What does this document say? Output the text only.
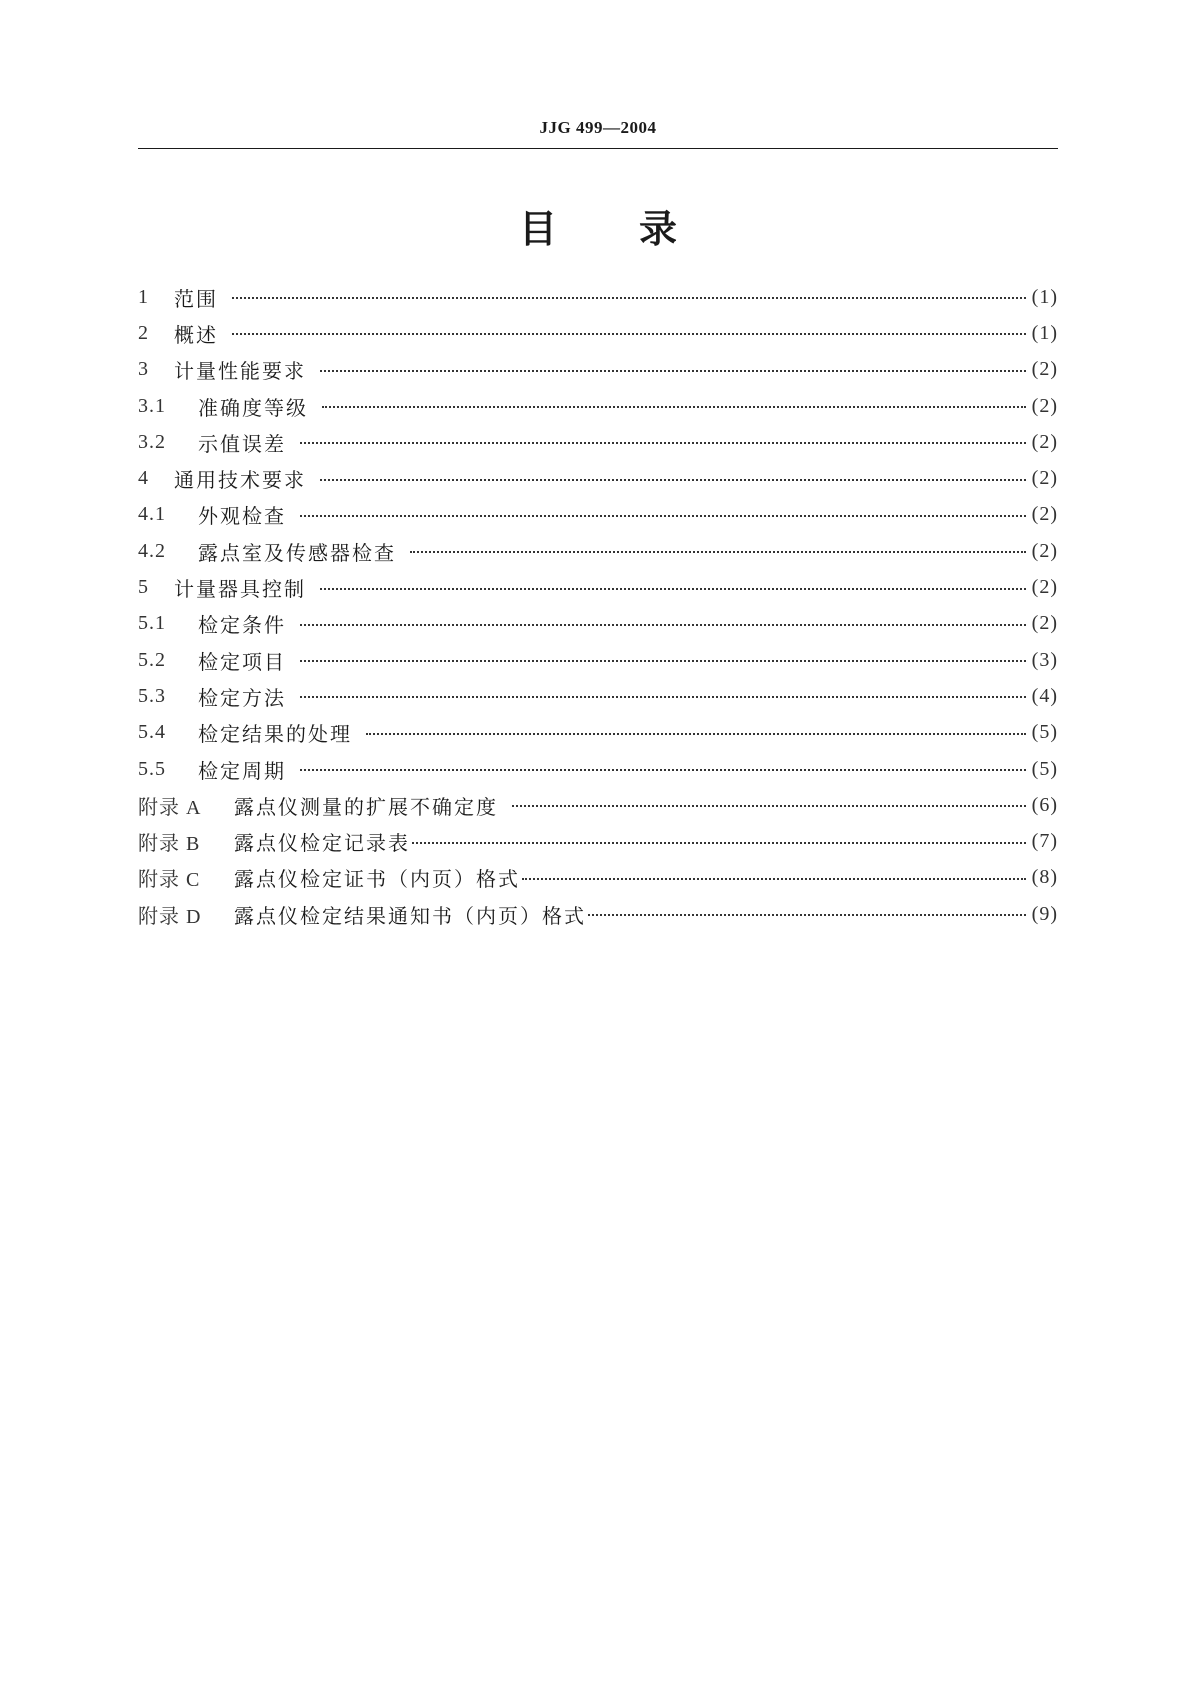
JJG 499—2004
目 录
1	范围	(1)
2	概述	(1)
3	计量性能要求	(2)
3.1	准确度等级	(2)
3.2	示值误差	(2)
4	通用技术要求	(2)
4.1	外观检查	(2)
4.2	露点室及传感器检查	(2)
5	计量器具控制	(2)
5.1	检定条件	(2)
5.2	检定项目	(3)
5.3	检定方法	(4)
5.4	检定结果的处理	(5)
5.5	检定周期	(5)
附录 A	露点仪测量的扩展不确定度	(6)
附录 B	露点仪检定记录表	(7)
附录 C	露点仪检定证书（内页）格式	(8)
附录 D	露点仪检定结果通知书（内页）格式	(9)
